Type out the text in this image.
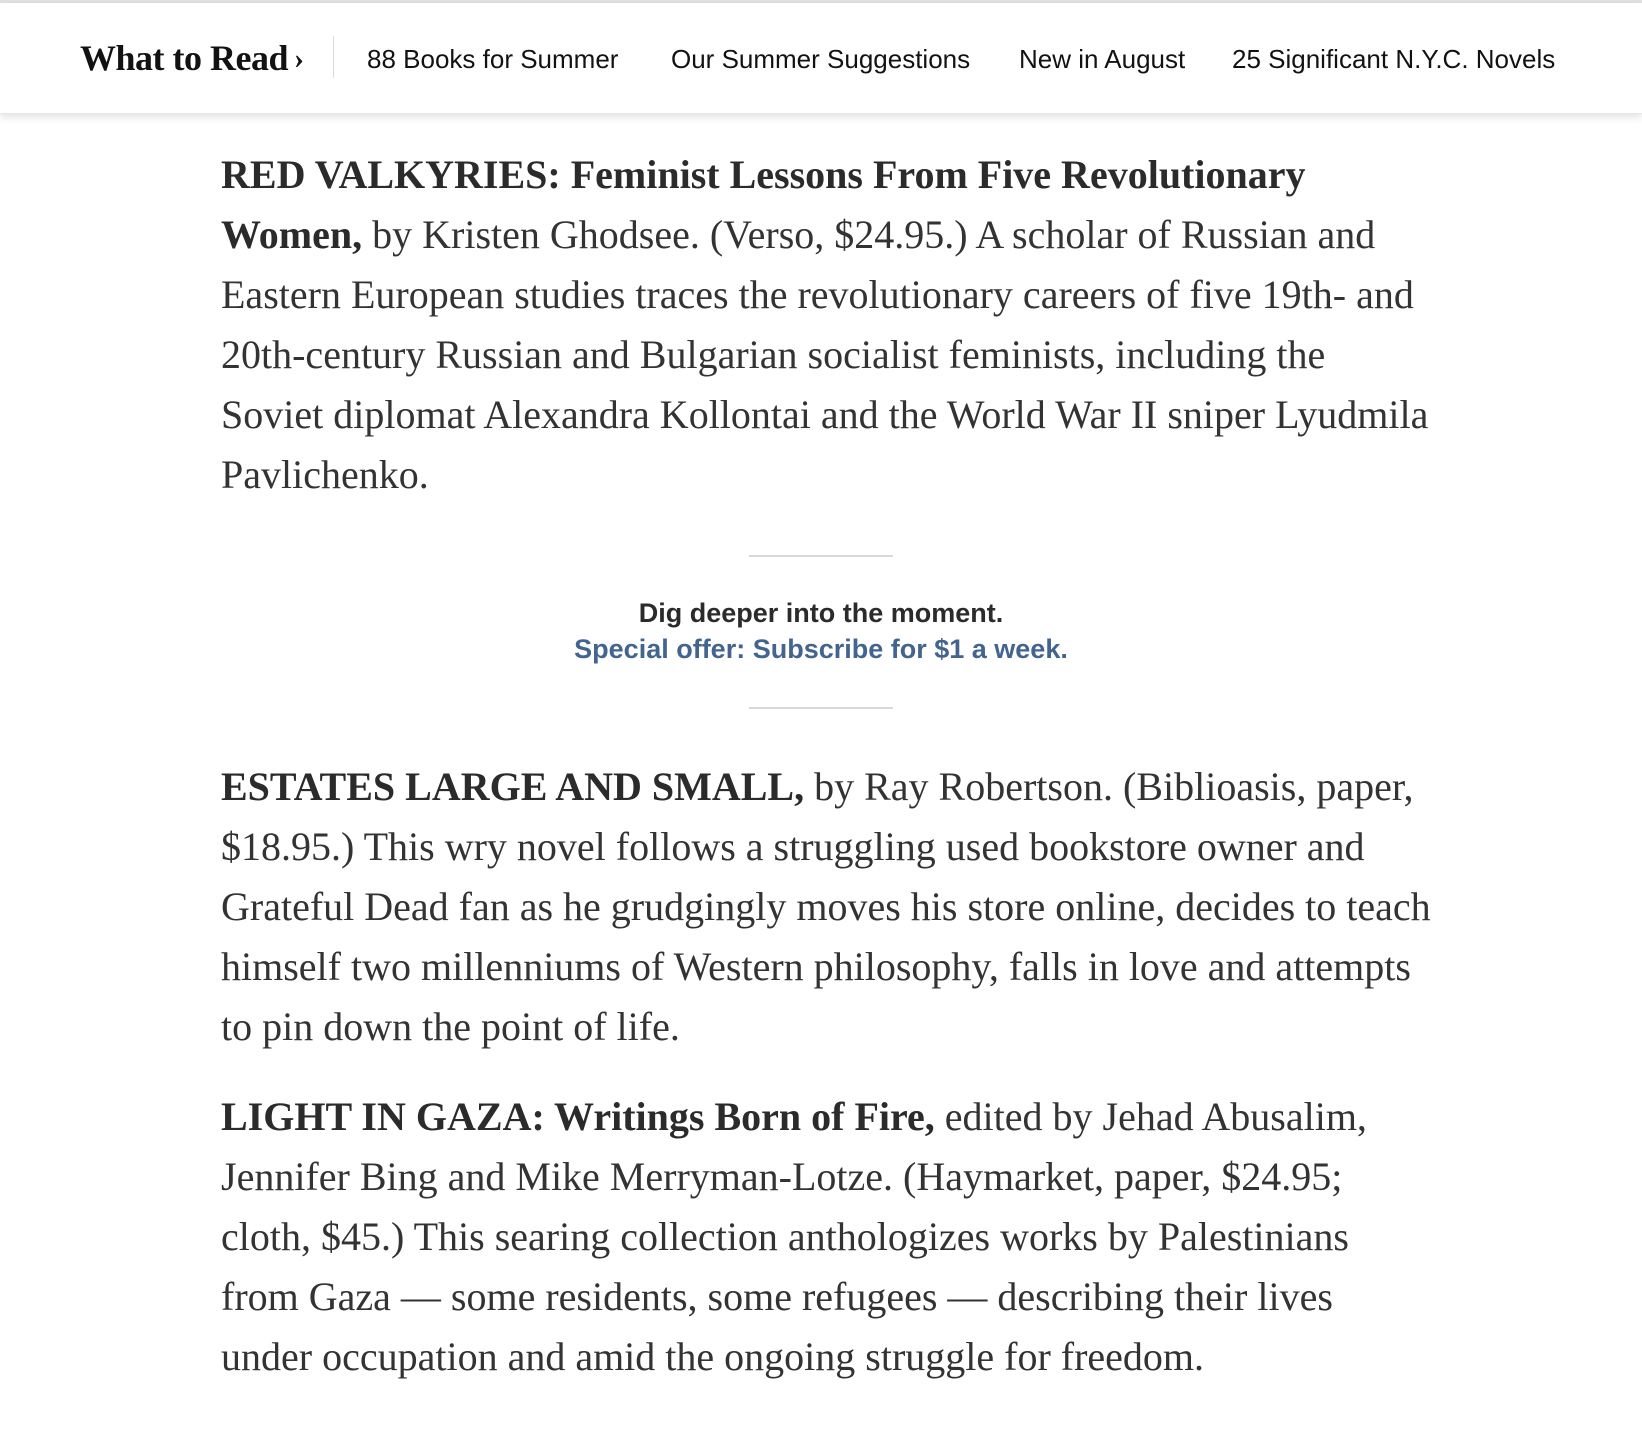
What to Read › 88 Books for Summer Our Summer Suggestions New in August 25 Significant N.Y.C. Novels

RED VALKYRIES: Feminist Lessons From Five Revolutionary Women, by Kristen Ghodsee. (Verso, $24.95.) A scholar of Russian and Eastern European studies traces the revolutionary careers of five 19th- and 20th-century Russian and Bulgarian socialist feminists, including the Soviet diplomat Alexandra Kollontai and the World War II sniper Lyudmila Pavlichenko.

Dig deeper into the moment.
Special offer: Subscribe for $1 a week.

ESTATES LARGE AND SMALL, by Ray Robertson. (Biblioasis, paper, $18.95.) This wry novel follows a struggling used bookstore owner and Grateful Dead fan as he grudgingly moves his store online, decides to teach himself two millenniums of Western philosophy, falls in love and attempts to pin down the point of life.

LIGHT IN GAZA: Writings Born of Fire, edited by Jehad Abusalim, Jennifer Bing and Mike Merryman-Lotze. (Haymarket, paper, $24.95; cloth, $45.) This searing collection anthologizes works by Palestinians from Gaza — some residents, some refugees — describing their lives under occupation and amid the ongoing struggle for freedom.
